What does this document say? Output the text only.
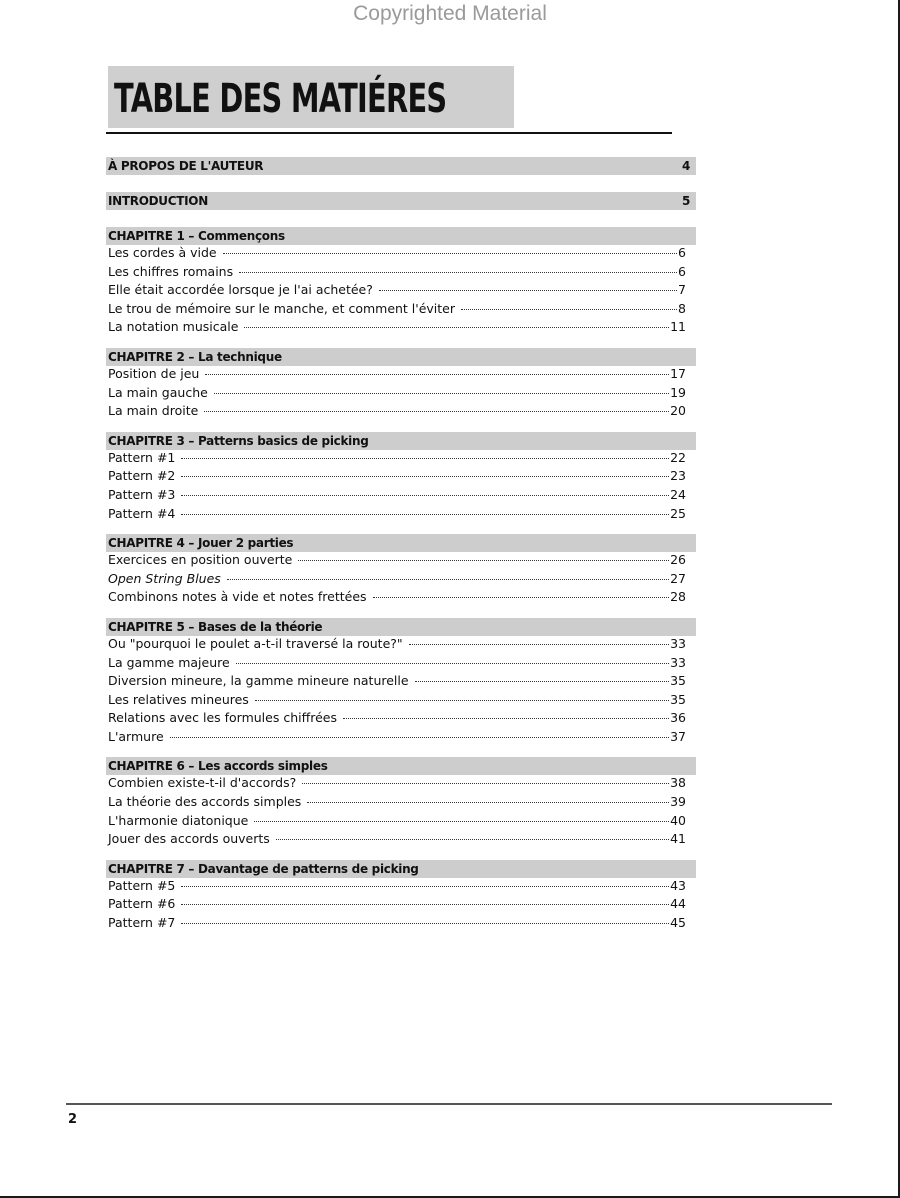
Copyrighted Material
TABLE DES MATIÉRES
À PROPOS DE L'AUTEUR	4
INTRODUCTION	5
CHAPITRE 1 – Commençons
Les cordes à vide	6
Les chiffres romains	6
Elle était accordée lorsque je l'ai achetée?	7
Le trou de mémoire sur le manche, et comment l'éviter	8
La notation musicale	11
CHAPITRE 2 – La technique
Position de jeu	17
La main gauche	19
La main droite	20
CHAPITRE 3 – Patterns basics de picking
Pattern #1	22
Pattern #2	23
Pattern #3	24
Pattern #4	25
CHAPITRE 4 – Jouer 2 parties
Exercices en position ouverte	26
Open String Blues	27
Combinons notes à vide et notes frettées	28
CHAPITRE 5 – Bases de la théorie
Ou "pourquoi le poulet a-t-il traversé la route?"	33
La gamme majeure	33
Diversion mineure, la gamme mineure naturelle	35
Les relatives mineures	35
Relations avec les formules chiffrées	36
L'armure	37
CHAPITRE 6 – Les accords simples
Combien existe-t-il d'accords?	38
La théorie des accords simples	39
L'harmonie diatonique	40
Jouer des accords ouverts	41
CHAPITRE 7 – Davantage de patterns de picking
Pattern #5	43
Pattern #6	44
Pattern #7	45
2
